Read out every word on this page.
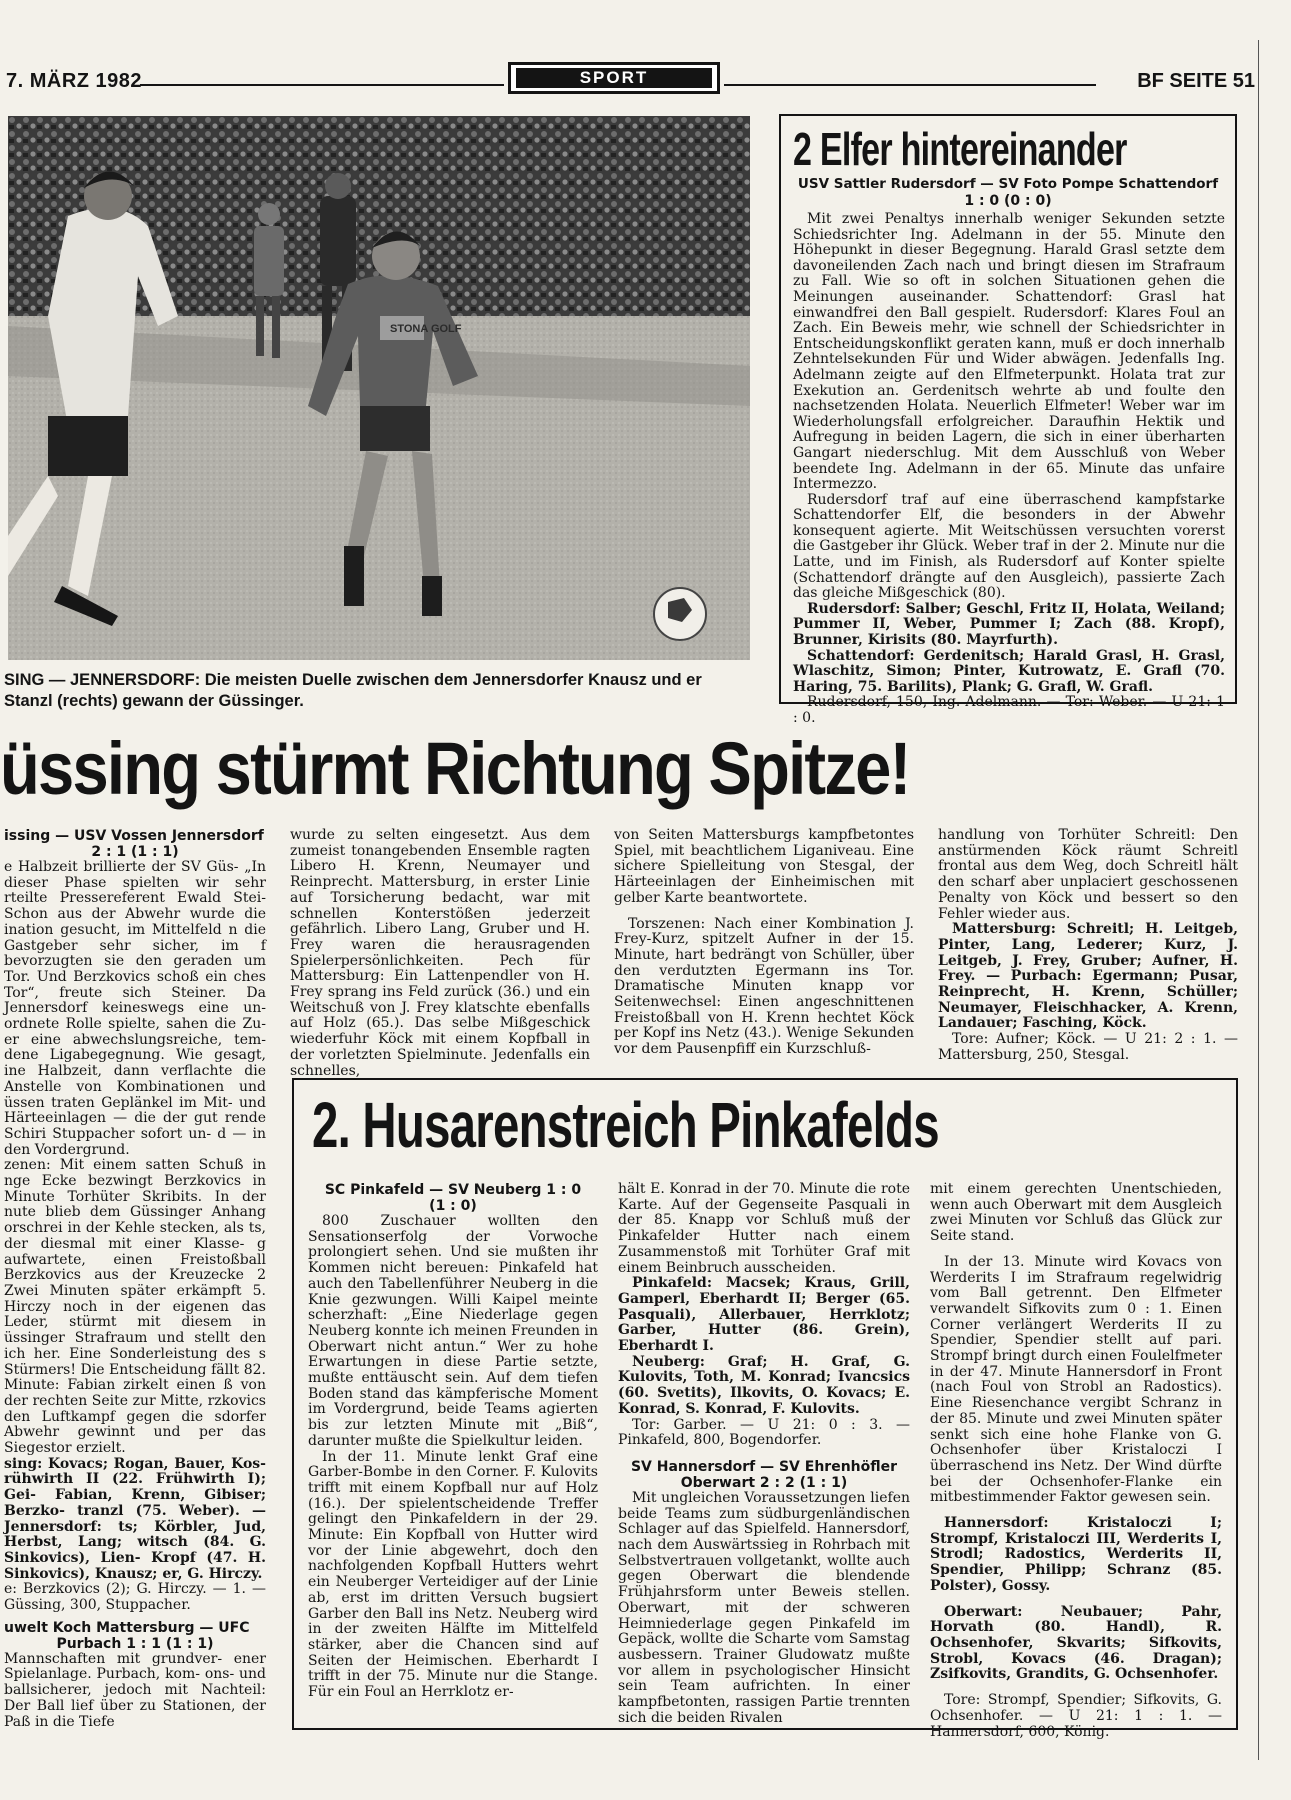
7. MÄRZ 1982	SPORT	BF SEITE 51
STONA GOLF
SING — JENNERSDORF: Die meisten Duelle zwischen dem Jennersdorfer Knausz und er Stanzl (rechts) gewann der Güssinger.
2 Elfer hintereinander
USV Sattler Rudersdorf — SV Foto Pompe Schattendorf
1 : 0 (0 : 0)

Mit zwei Penaltys innerhalb weniger Sekunden setzte Schiedsrichter Ing. Adelmann in der 55. Minute den Höhepunkt in dieser Begegnung. Harald Grasl setzte dem davoneilenden Zach nach und bringt diesen im Strafraum zu Fall. Wie so oft in solchen Situationen gehen die Meinungen auseinander. Schattendorf: Grasl hat einwandfrei den Ball gespielt. Rudersdorf: Klares Foul an Zach. Ein Beweis mehr, wie schnell der Schiedsrichter in Entscheidungskonflikt geraten kann, muß er doch innerhalb Zehntelsekunden Für und Wider abwägen. Jedenfalls Ing. Adelmann zeigte auf den Elfmeterpunkt. Holata trat zur Exekution an. Gerdenitsch wehrte ab und foulte den nachsetzenden Holata. Neuerlich Elfmeter! Weber war im Wiederholungsfall erfolgreicher. Daraufhin Hektik und Aufregung in beiden Lagern, die sich in einer überharten Gangart niederschlug. Mit dem Ausschluß von Weber beendete Ing. Adelmann in der 65. Minute das unfaire Intermezzo.

Rudersdorf traf auf eine überraschend kampfstarke Schattendorfer Elf, die besonders in der Abwehr konsequent agierte. Mit Weitschüssen versuchten vorerst die Gastgeber ihr Glück. Weber traf in der 2. Minute nur die Latte, und im Finish, als Rudersdorf auf Konter spielte (Schattendorf drängte auf den Ausgleich), passierte Zach das gleiche Mißgeschick (80).

Rudersdorf: Salber; Geschl, Fritz II, Holata, Weiland; Pummer II, Weber, Pummer I; Zach (88. Kropf), Brunner, Kirisits (80. Mayrfurth).

Schattendorf: Gerdenitsch; Harald Grasl, H. Grasl, Wlaschitz, Simon; Pinter, Kutrowatz, E. Grafl (70. Haring, 75. Barilits), Plank; G. Grafl, W. Grafl.

Rudersdorf, 150, Ing. Adelmann. — Tor: Weber. — U 21: 1 : 0.

üssing stürmt Richtung Spitze!
issing — USV Vossen Jennersdorf
2 : 1 (1 : 1)

e Halbzeit brillierte der SV Güs- „In dieser Phase spielten wir sehr rteilte Pressereferent Ewald Stei- Schon aus der Abwehr wurde die ination gesucht, im Mittelfeld n die Gastgeber sehr sicher, im f bevorzugten sie den geraden um Tor. Und Berzkovics schoß ein ches Tor“, freute sich Steiner. Da Jennersdorf keineswegs eine un- ordnete Rolle spielte, sahen die Zu- er eine abwechslungsreiche, tem- dene Ligabegegnung. Wie gesagt, ine Halbzeit, dann verflachte die Anstelle von Kombinationen und üssen traten Geplänkel im Mit- und Härteeinlagen — die der gut rende Schiri Stuppacher sofort un- d — in den Vordergrund.

zenen: Mit einem satten Schuß in nge Ecke bezwingt Berzkovics in Minute Torhüter Skribits. In der nute blieb dem Güssinger Anhang orschrei in der Kehle stecken, als ts, der diesmal mit einer Klasse- g aufwartete, einen Freistoßball Berzkovics aus der Kreuzecke 2 Zwei Minuten später erkämpft 5. Hirczy noch in der eigenen das Leder, stürmt mit diesem in üssinger Strafraum und stellt den ich her. Eine Sonderleistung des s Stürmers! Die Entscheidung fällt 82. Minute: Fabian zirkelt einen ß von der rechten Seite zur Mitte, rzkovics den Luftkampf gegen die sdorfer Abwehr gewinnt und per das Siegestor erzielt.

sing: Kovacs; Rogan, Bauer, Kos- rühwirth II (22. Frühwirth I); Gei- Fabian, Krenn, Gibiser; Berzko- tranzl (75. Weber). — Jennersdorf: ts; Körbler, Jud, Herbst, Lang; witsch (84. G. Sinkovics), Lien- Kropf (47. H. Sinkovics), Knausz; er, G. Hirczy.

e: Berzkovics (2); G. Hirczy. — 1. — Güssing, 300, Stuppacher.

uwelt Koch Mattersburg — UFC
Purbach 1 : 1 (1 : 1)

Mannschaften mit grundver- ener Spielanlage. Purbach, kom- ons- und ballsicherer, jedoch mit Nachteil: Der Ball lief über zu Stationen, der Paß in die Tiefe

wurde zu selten eingesetzt. Aus dem zumeist tonangebenden Ensemble ragten Libero H. Krenn, Neumayer und Reinprecht. Mattersburg, in erster Linie auf Torsicherung bedacht, war mit schnellen Konterstößen jederzeit gefährlich. Libero Lang, Gruber und H. Frey waren die herausragenden Spielerpersönlichkeiten. Pech für Mattersburg: Ein Lattenpendler von H. Frey sprang ins Feld zurück (36.) und ein Weitschuß von J. Frey klatschte ebenfalls auf Holz (65.). Das selbe Mißgeschick wiederfuhr Köck mit einem Kopfball in der vorletzten Spielminute. Jedenfalls ein schnelles,

von Seiten Mattersburgs kampfbetontes Spiel, mit beachtlichem Liganiveau. Eine sichere Spielleitung von Stesgal, der Härteeinlagen der Einheimischen mit gelber Karte beantwortete.

Torszenen: Nach einer Kombination J. Frey-Kurz, spitzelt Aufner in der 15. Minute, hart bedrängt von Schüller, über den verdutzten Egermann ins Tor. Dramatische Minuten knapp vor Seitenwechsel: Einen angeschnittenen Freistoßball von H. Krenn hechtet Köck per Kopf ins Netz (43.). Wenige Sekunden vor dem Pausenpfiff ein Kurzschluß-

handlung von Torhüter Schreitl: Den anstürmenden Köck räumt Schreitl frontal aus dem Weg, doch Schreitl hält den scharf aber unplaciert geschossenen Penalty von Köck und bessert so den Fehler wieder aus.

Mattersburg: Schreitl; H. Leitgeb, Pinter, Lang, Lederer; Kurz, J. Leitgeb, J. Frey, Gruber; Aufner, H. Frey. — Purbach: Egermann; Pusar, Reinprecht, H. Krenn, Schüller; Neumayer, Fleischhacker, A. Krenn, Landauer; Fasching, Köck.

Tore: Aufner; Köck. — U 21: 2 : 1. — Mattersburg, 250, Stesgal.

2. Husarenstreich Pinkafelds
SC Pinkafeld — SV Neuberg 1 : 0
(1 : 0)

800 Zuschauer wollten den Sensationserfolg der Vorwoche prolongiert sehen. Und sie mußten ihr Kommen nicht bereuen: Pinkafeld hat auch den Tabellenführer Neuberg in die Knie gezwungen. Willi Kaipel meinte scherzhaft: „Eine Niederlage gegen Neuberg konnte ich meinen Freunden in Oberwart nicht antun.“ Wer zu hohe Erwartungen in diese Partie setzte, mußte enttäuscht sein. Auf dem tiefen Boden stand das kämpferische Moment im Vordergrund, beide Teams agierten bis zur letzten Minute mit „Biß“, darunter mußte die Spielkultur leiden.

In der 11. Minute lenkt Graf eine Garber-Bombe in den Corner. F. Kulovits trifft mit einem Kopfball nur auf Holz (16.). Der spielentscheidende Treffer gelingt den Pinkafeldern in der 29. Minute: Ein Kopfball von Hutter wird vor der Linie abgewehrt, doch den nachfolgenden Kopfball Hutters wehrt ein Neuberger Verteidiger auf der Linie ab, erst im dritten Versuch bugsiert Garber den Ball ins Netz. Neuberg wird in der zweiten Hälfte im Mittelfeld stärker, aber die Chancen sind auf Seiten der Heimischen. Eberhardt I trifft in der 75. Minute nur die Stange. Für ein Foul an Herrklotz er-

hält E. Konrad in der 70. Minute die rote Karte. Auf der Gegenseite Pasquali in der 85. Knapp vor Schluß muß der Pinkafelder Hutter nach einem Zusammenstoß mit Torhüter Graf mit einem Beinbruch ausscheiden.

Pinkafeld: Macsek; Kraus, Grill, Gamperl, Eberhardt II; Berger (65. Pasquali), Allerbauer, Herrklotz; Garber, Hutter (86. Grein), Eberhardt I.

Neuberg: Graf; H. Graf, G. Kulovits, Toth, M. Konrad; Ivancsics (60. Svetits), Ilkovits, O. Kovacs; E. Konrad, S. Konrad, F. Kulovits.

Tor: Garber. — U 21: 0 : 3. — Pinkafeld, 800, Bogendorfer.

SV Hannersdorf — SV Ehrenhöfler
Oberwart 2 : 2 (1 : 1)

Mit ungleichen Voraussetzungen liefen beide Teams zum südburgenländischen Schlager auf das Spielfeld. Hannersdorf, nach dem Auswärtssieg in Rohrbach mit Selbstvertrauen vollgetankt, wollte auch gegen Oberwart die blendende Frühjahrsform unter Beweis stellen. Oberwart, mit der schweren Heimniederlage gegen Pinkafeld im Gepäck, wollte die Scharte vom Samstag ausbessern. Trainer Gludowatz mußte vor allem in psychologischer Hinsicht sein Team aufrichten. In einer kampfbetonten, rassigen Partie trennten sich die beiden Rivalen

mit einem gerechten Unentschieden, wenn auch Oberwart mit dem Ausgleich zwei Minuten vor Schluß das Glück zur Seite stand.

In der 13. Minute wird Kovacs von Werderits I im Strafraum regelwidrig vom Ball getrennt. Den Elfmeter verwandelt Sifkovits zum 0 : 1. Einen Corner verlängert Werderits II zu Spendier, Spendier stellt auf pari. Strompf bringt durch einen Foulelfmeter in der 47. Minute Hannersdorf in Front (nach Foul von Strobl an Radostics). Eine Riesenchance vergibt Schranz in der 85. Minute und zwei Minuten später senkt sich eine hohe Flanke von G. Ochsenhofer über Kristaloczi I überraschend ins Netz. Der Wind dürfte bei der Ochsenhofer-Flanke ein mitbestimmender Faktor gewesen sein.

Hannersdorf: Kristaloczi I; Strompf, Kristaloczi III, Werderits I, Strodl; Radostics, Werderits II, Spendier, Philipp; Schranz (85. Polster), Gossy.

Oberwart: Neubauer; Pahr, Horvath (80. Handl), R. Ochsenhofer, Skvarits; Sifkovits, Strobl, Kovacs (46. Dragan); Zsifkovits, Grandits, G. Ochsenhofer.

Tore: Strompf, Spendier; Sifkovits, G. Ochsenhofer. — U 21: 1 : 1. — Hannersdorf, 600, König.
